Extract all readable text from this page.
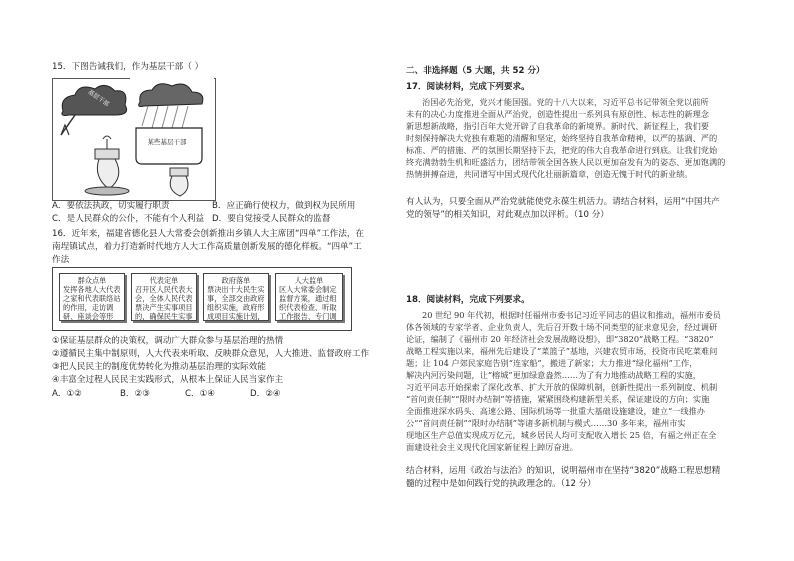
15．下图告诫我们，作为基层干部（ ）
基层干部
某些基层干部
A．要依法执政，切实履行职责	B．应正确行使权力，做到权为民所用
C．是人民群众的公仆，不能有个人利益 D．要自觉接受人民群众的监督
16．近年来，福建省德化县人大常委会创新推出乡镇人大主席团“四单”工作法，在
南埕镇试点，着力打造新时代地方人大工作高质量创新发展的德化样板。“四单”工
作法
群众点单
发挥各地人大代表之家和代表联络站的作用，走访调研、座谈会等形
代表定单
召开区人民代表大会，全体人民代表票决产生实事项目的，确保民生实事
政府落单
票决出十大民生实事，全部交由政府组织实施，政府形成项目实施计划，
人大监单
区人大常委会制定监督方案，通过组织代表检查、听取工作报告、专门调
①保证基层群众的决策权，调动广大群众参与基层治理的热情
②遵循民主集中制原则，人大代表来听取、反映群众意见，人大推进、监督政府工作
③把人民民主的制度优势转化为推动基层治理的实际效能
④丰富全过程人民民主实践形式，从根本上保证人民当家作主
A．①②	B．②③	C．①④	D．②④
二、非选择题（5 大题，共 52 分）
17．阅读材料，完成下列要求。
治国必先治党，党兴才能国强。党的十八大以来，习近平总书记带领全党以前所
未有的决心力度推进全面从严治党，创造性提出一系列具有原创性、标志性的新理念
新思想新战略，指引百年大党开辟了自我革命的新境界。新时代、新征程上，我们要
时刻保持解决大党独有难题的清醒和坚定，始终坚持自我革命精神，以严的基调、严的
标准、严的措施、严的氛围长期坚持下去，把党的伟大自我革命进行到底。让我们党始
终充满勃勃生机和旺盛活力，团结带领全国各族人民以更加奋发有为的姿态、更加饱满的
热情拼搏奋进，共同谱写中国式现代化壮丽新篇章，创造无愧于时代的新业绩。
有人认为，只要全面从严治党就能使党永葆生机活力。请结合材料，运用“中国共产
党的领导”的相关知识，对此观点加以评析。（10 分）
18．阅读材料，完成下列要求。
20 世纪 90 年代初，根据时任福州市委书记习近平同志的倡议和推动，福州市委员
体各领域的专家学者、企业负责人，先后召开数十场不同类型的征求意见会，经过调研
论证，编制了《福州市 20 年经济社会发展战略设想》，即“3820”战略工程。“3820”
战略工程实施以来，福州先后建设了“菜篮子”基地，兴建农贸市场，投资市民吃菜难问
题；让 104 户郊民家庭告别“连家船”，搬进了新家；大力推进“绿化福州”工作，
解决内河污染问题，让“榕城”更加绿意盎然……为了有力地推动战略工程的实施，
习近平同志开始探索了深化改革、扩大开放的保障机制，创新性提出一系列制度、机制
“首问责任制”“限时办结制”等措施，紧紧围绕构建新型关系，保证建设的方向；实施
全面推进深水码头、高速公路、国际机场等一批重大基础设施建设，建立“一线推办
公”“首问责任制”“限时办结制”等诸多新机制与模式……30 多年来，福州市实
现地区生产总值实现成万亿元，城乡居民人均可支配收入增长 25 倍，有福之州正在全
面建设社会主义现代化国家新征程上踔厉奋进。
结合材料，运用《政治与法治》的知识，说明福州市在坚持“3820”战略工程思想精
髓的过程中是如何践行党的执政理念的。（12 分）
